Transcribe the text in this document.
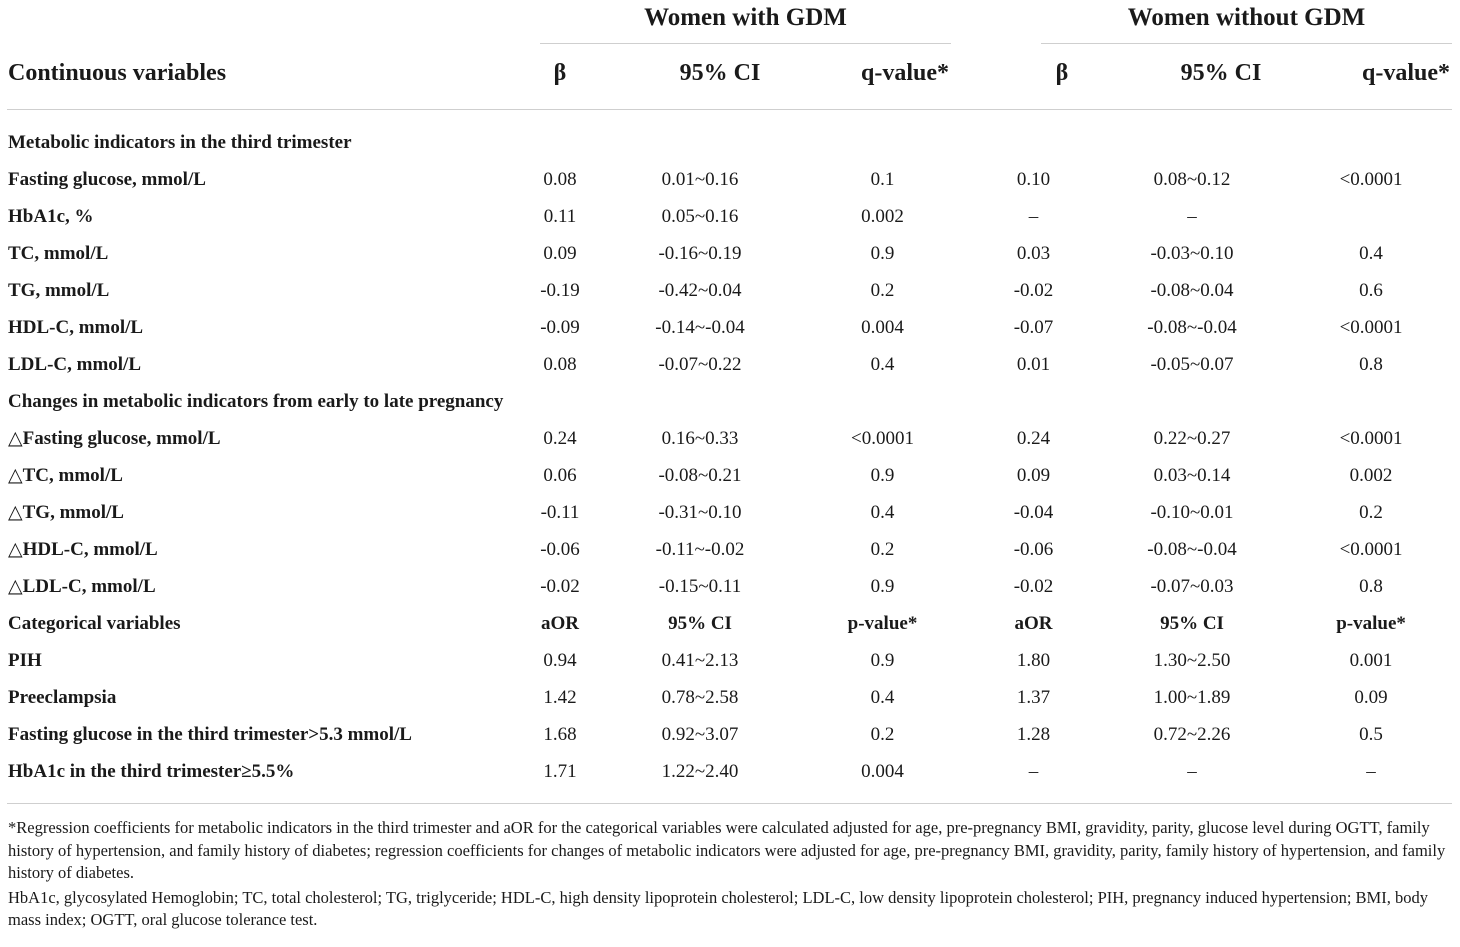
Women with GDM	Women without GDM
Continuous variables	β	95% CI	q-value*	β	95% CI	q-value*
Metabolic indicators in the third trimester						
Fasting glucose, mmol/L	0.08	0.01~0.16	0.1	0.10	0.08~0.12	<0.0001
HbA1c, %	0.11	0.05~0.16	0.002	–	–	
TC, mmol/L	0.09	-0.16~0.19	0.9	0.03	-0.03~0.10	0.4
TG, mmol/L	-0.19	-0.42~0.04	0.2	-0.02	-0.08~0.04	0.6
HDL-C, mmol/L	-0.09	-0.14~-0.04	0.004	-0.07	-0.08~-0.04	<0.0001
LDL-C, mmol/L	0.08	-0.07~0.22	0.4	0.01	-0.05~0.07	0.8
Changes in metabolic indicators from early to late pregnancy						
△Fasting glucose, mmol/L	0.24	0.16~0.33	<0.0001	0.24	0.22~0.27	<0.0001
△TC, mmol/L	0.06	-0.08~0.21	0.9	0.09	0.03~0.14	0.002
△TG, mmol/L	-0.11	-0.31~0.10	0.4	-0.04	-0.10~0.01	0.2
△HDL-C, mmol/L	-0.06	-0.11~-0.02	0.2	-0.06	-0.08~-0.04	<0.0001
△LDL-C, mmol/L	-0.02	-0.15~0.11	0.9	-0.02	-0.07~0.03	0.8
Categorical variables	aOR	95% CI	p-value*	aOR	95% CI	p-value*
PIH	0.94	0.41~2.13	0.9	1.80	1.30~2.50	0.001
Preeclampsia	1.42	0.78~2.58	0.4	1.37	1.00~1.89	0.09
Fasting glucose in the third trimester>5.3 mmol/L	1.68	0.92~3.07	0.2	1.28	0.72~2.26	0.5
HbA1c in the third trimester≥5.5%	1.71	1.22~2.40	0.004	–	–	–

*Regression coefficients for metabolic indicators in the third trimester and aOR for the categorical variables were calculated adjusted for age, pre-pregnancy BMI, gravidity, parity, glucose level during OGTT, family history of hypertension, and family history of diabetes; regression coefficients for changes of metabolic indicators were adjusted for age, pre-pregnancy BMI, gravidity, parity, family history of hypertension, and family history of diabetes.

HbA1c, glycosylated Hemoglobin; TC, total cholesterol; TG, triglyceride; HDL-C, high density lipoprotein cholesterol; LDL-C, low density lipoprotein cholesterol; PIH, pregnancy induced hypertension; BMI, body mass index; OGTT, oral glucose tolerance test.
